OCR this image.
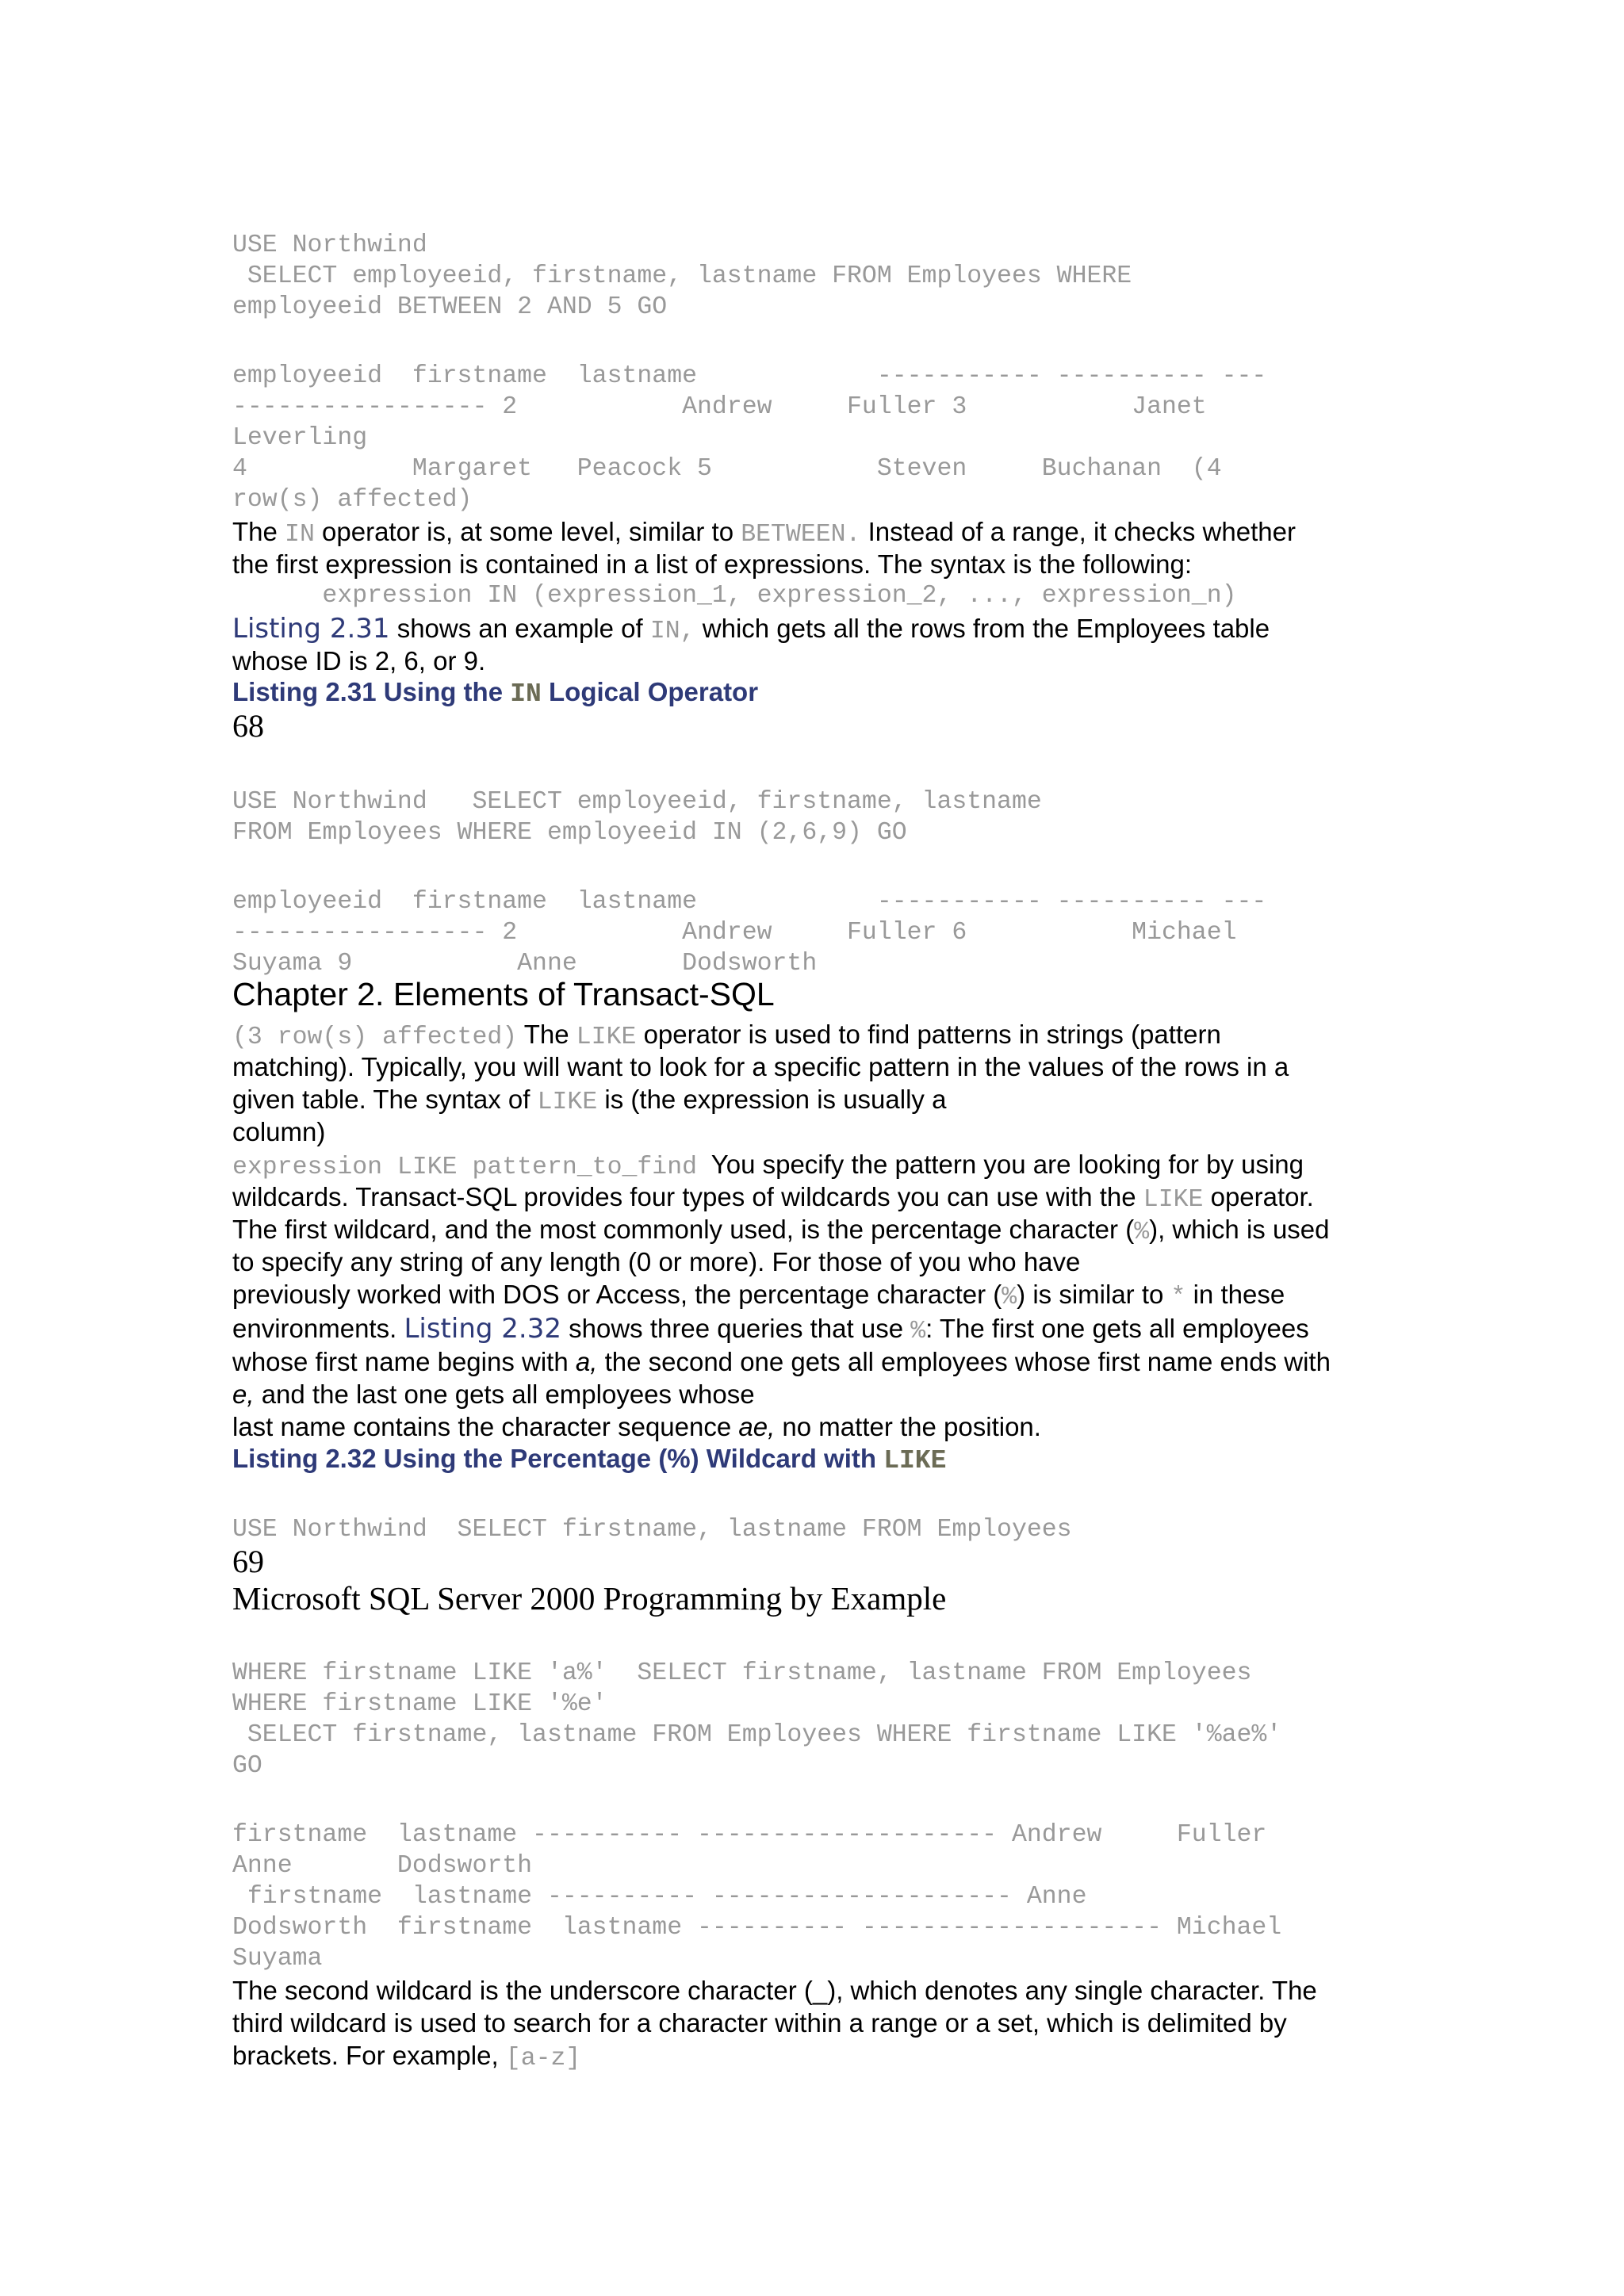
USE Northwind
SELECT employeeid, firstname, lastname FROM Employees WHERE
employeeid BETWEEN 2 AND 5 GO
employeeid  firstname  lastname            ----------- ---------- ---
----------------- 2           Andrew     Fuller 3           Janet
Leverling
4           Margaret   Peacock 5           Steven     Buchanan  (4
row(s) affected)
The IN operator is, at some level, similar to BETWEEN. Instead of a range, it checks whether
the first expression is contained in a list of expressions. The syntax is the following:
expression IN (expression_1, expression_2, ..., expression_n)
Listing 2.31 shows an example of IN, which gets all the rows from the Employees table
whose ID is 2, 6, or 9.
Listing 2.31 Using the IN Logical Operator
68
USE Northwind   SELECT employeeid, firstname, lastname
FROM Employees WHERE employeeid IN (2,6,9) GO
employeeid  firstname  lastname            ----------- ---------- ---
----------------- 2           Andrew     Fuller 6           Michael
Suyama 9           Anne       Dodsworth
Chapter 2. Elements of Transact-SQL
(3 row(s) affected) The LIKE operator is used to find patterns in strings (pattern
matching). Typically, you will want to look for a specific pattern in the values of the rows in a
given table. The syntax of LIKE is (the expression is usually a
column)
expression LIKE pattern_to_find  You specify the pattern you are looking for by using
wildcards. Transact-SQL provides four types of wildcards you can use with the LIKE operator.
The first wildcard, and the most commonly used, is the percentage character (%), which is used
to specify any string of any length (0 or more). For those of you who have
previously worked with DOS or Access, the percentage character (%) is similar to * in these
environments. Listing 2.32 shows three queries that use %: The first one gets all employees
whose first name begins with a, the second one gets all employees whose first name ends with
e, and the last one gets all employees whose
last name contains the character sequence ae, no matter the position.
Listing 2.32 Using the Percentage (%) Wildcard with LIKE
USE Northwind  SELECT firstname, lastname FROM Employees
69
Microsoft SQL Server 2000 Programming by Example
WHERE firstname LIKE 'a%'  SELECT firstname, lastname FROM Employees
WHERE firstname LIKE '%e'
SELECT firstname, lastname FROM Employees WHERE firstname LIKE '%ae%'
GO
firstname  lastname ---------- -------------------- Andrew     Fuller
Anne       Dodsworth
firstname  lastname ---------- -------------------- Anne
Dodsworth  firstname  lastname ---------- -------------------- Michael
Suyama
The second wildcard is the underscore character (_), which denotes any single character. The
third wildcard is used to search for a character within a range or a set, which is delimited by
brackets. For example, [a-z]
